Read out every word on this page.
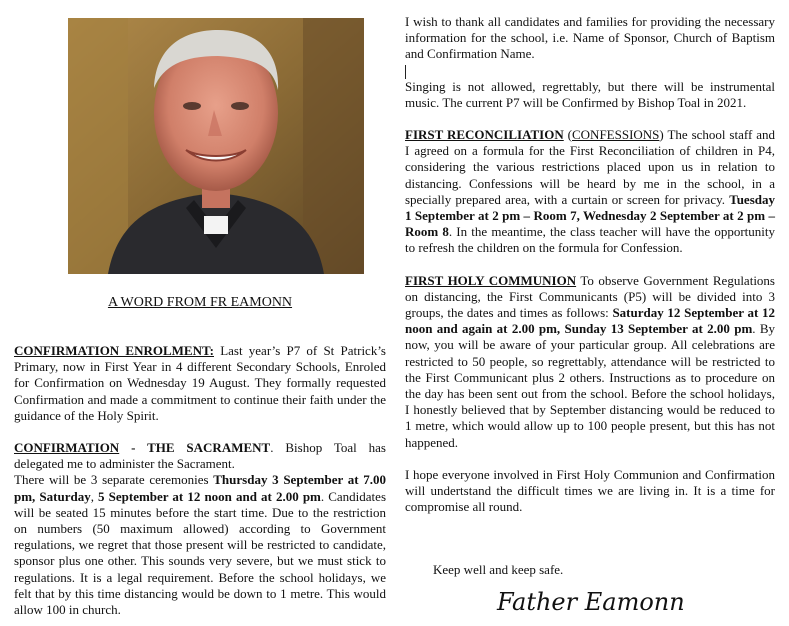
A WORD FROM FR EAMONN

CONFIRMATION ENROLMENT: Last year’s P7 of St Patrick’s Primary, now in First Year in 4 different Secondary Schools, Enroled for Confirmation on Wednesday 19 August. They formally requested Confirmation and made a commitment to continue their faith under the guidance of the Holy Spirit.

CONFIRMATION - THE SACRAMENT. Bishop Toal has delegated me to administer the Sacrament.

There will be 3 separate ceremonies Thursday 3 September at 7.00 pm, Saturday, 5 September at 12 noon and at 2.00 pm. Candidates will be seated 15 minutes before the start time. Due to the restriction on numbers (50 maximum allowed) according to Government regulations, we regret that those present will be restricted to candidate, sponsor plus one other. This sounds very severe, but we must stick to regulations. It is a legal requirement. Before the school holidays, we felt that by this time distancing would be down to 1 metre. This would allow 100 in church.

I wish to thank all candidates and families for providing the necessary information for the school, i.e. Name of Sponsor, Church of Baptism and Confirmation Name.

Singing is not allowed, regrettably, but there will be instrumental music. The current P7 will be Confirmed by Bishop Toal in 2021.

FIRST RECONCILIATION (CONFESSIONS) The school staff and I agreed on a formula for the First Reconciliation of children in P4, considering the various restrictions placed upon us in relation to distancing. Confessions will be heard by me in the school, in a specially prepared area, with a curtain or screen for privacy. Tuesday 1 September at 2 pm – Room 7, Wednesday 2 September at 2 pm – Room 8. In the meantime, the class teacher will have the opportunity to refresh the children on the formula for Confession.

FIRST HOLY COMMUNION To observe Government Regulations on distancing, the First Communicants (P5) will be divided into 3 groups, the dates and times as follows: Saturday 12 September at 12 noon and again at 2.00 pm, Sunday 13 September at 2.00 pm. By now, you will be aware of your particular group. All celebrations are restricted to 50 people, so regrettably, attendance will be restricted to the First Communicant plus 2 others. Instructions as to procedure on the day has been sent out from the school. Before the school holidays, I honestly believed that by September distancing would be reduced to 1 metre, which would allow up to 100 people present, but this has not happened.

I hope everyone involved in First Holy Communion and Confirmation will undertstand the difficult times we are living in. It is a time for compromise all round.

Keep well and keep safe.
Father Eamonn
